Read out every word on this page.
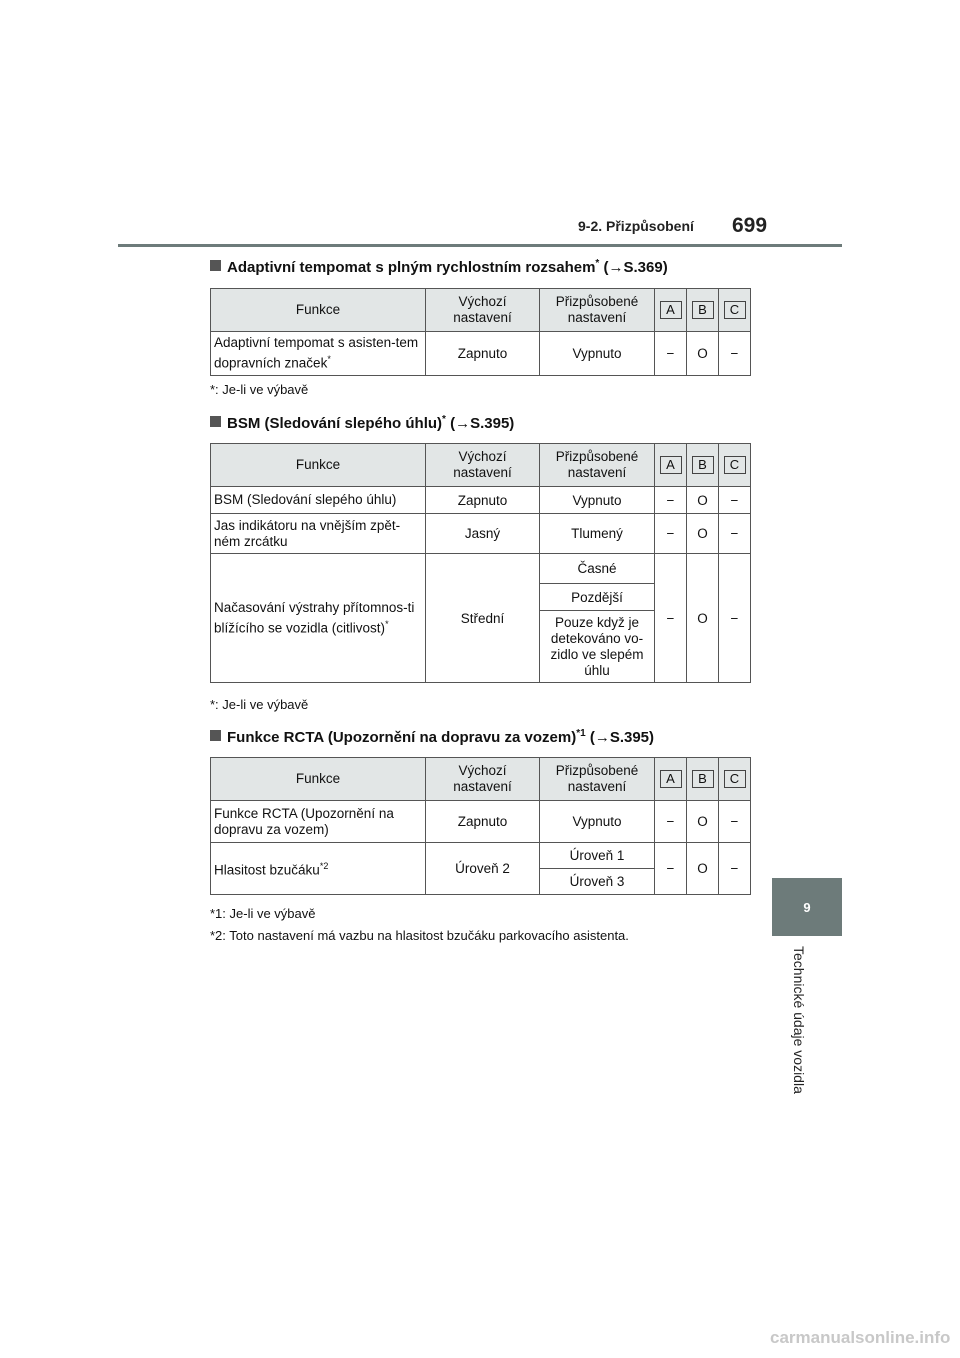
9-2. Přizpůsobení 699
9
Technické údaje vozidla
Adaptivní tempomat s plným rychlostním rozsahem* (→S.369)
Funkce	Výchozí nastavení	Přizpůsobené nastavení	A	B	C
Adaptivní tempomat s asisten-tem dopravních značek*	Zapnuto	Vypnuto	−	O	−
*: Je-li ve výbavě
BSM (Sledování slepého úhlu)* (→S.395)
Funkce	Výchozí nastavení	Přizpůsobené nastavení	A	B	C
BSM (Sledování slepého úhlu)	Zapnuto	Vypnuto	−	O	−
Jas indikátoru na vnějším zpět-ném zrcátku	Jasný	Tlumený	−	O	−
Načasování výstrahy přítomnos-ti blížícího se vozidla (citlivost)*	Střední	Časné	−	O	−
		Pozdější			
		Pouze když je detekováno vo-zidlo ve slepém úhlu			
*: Je-li ve výbavě
Funkce RCTA (Upozornění na dopravu za vozem)$^{*1}$ (→S.395)
Funkce	Výchozí nastavení	Přizpůsobené nastavení	A	B	C
Funkce RCTA (Upozornění na dopravu za vozem)	Zapnuto	Vypnuto	−	O	−
Hlasitost bzučáku$^{*2}$	Úroveň 2	Úroveň 1	−	O	−
		Úroveň 3			
*1: Je-li ve výbavě
*2: Toto nastavení má vazbu na hlasitost bzučáku parkovacího asistenta.
carmanualsonline.info
